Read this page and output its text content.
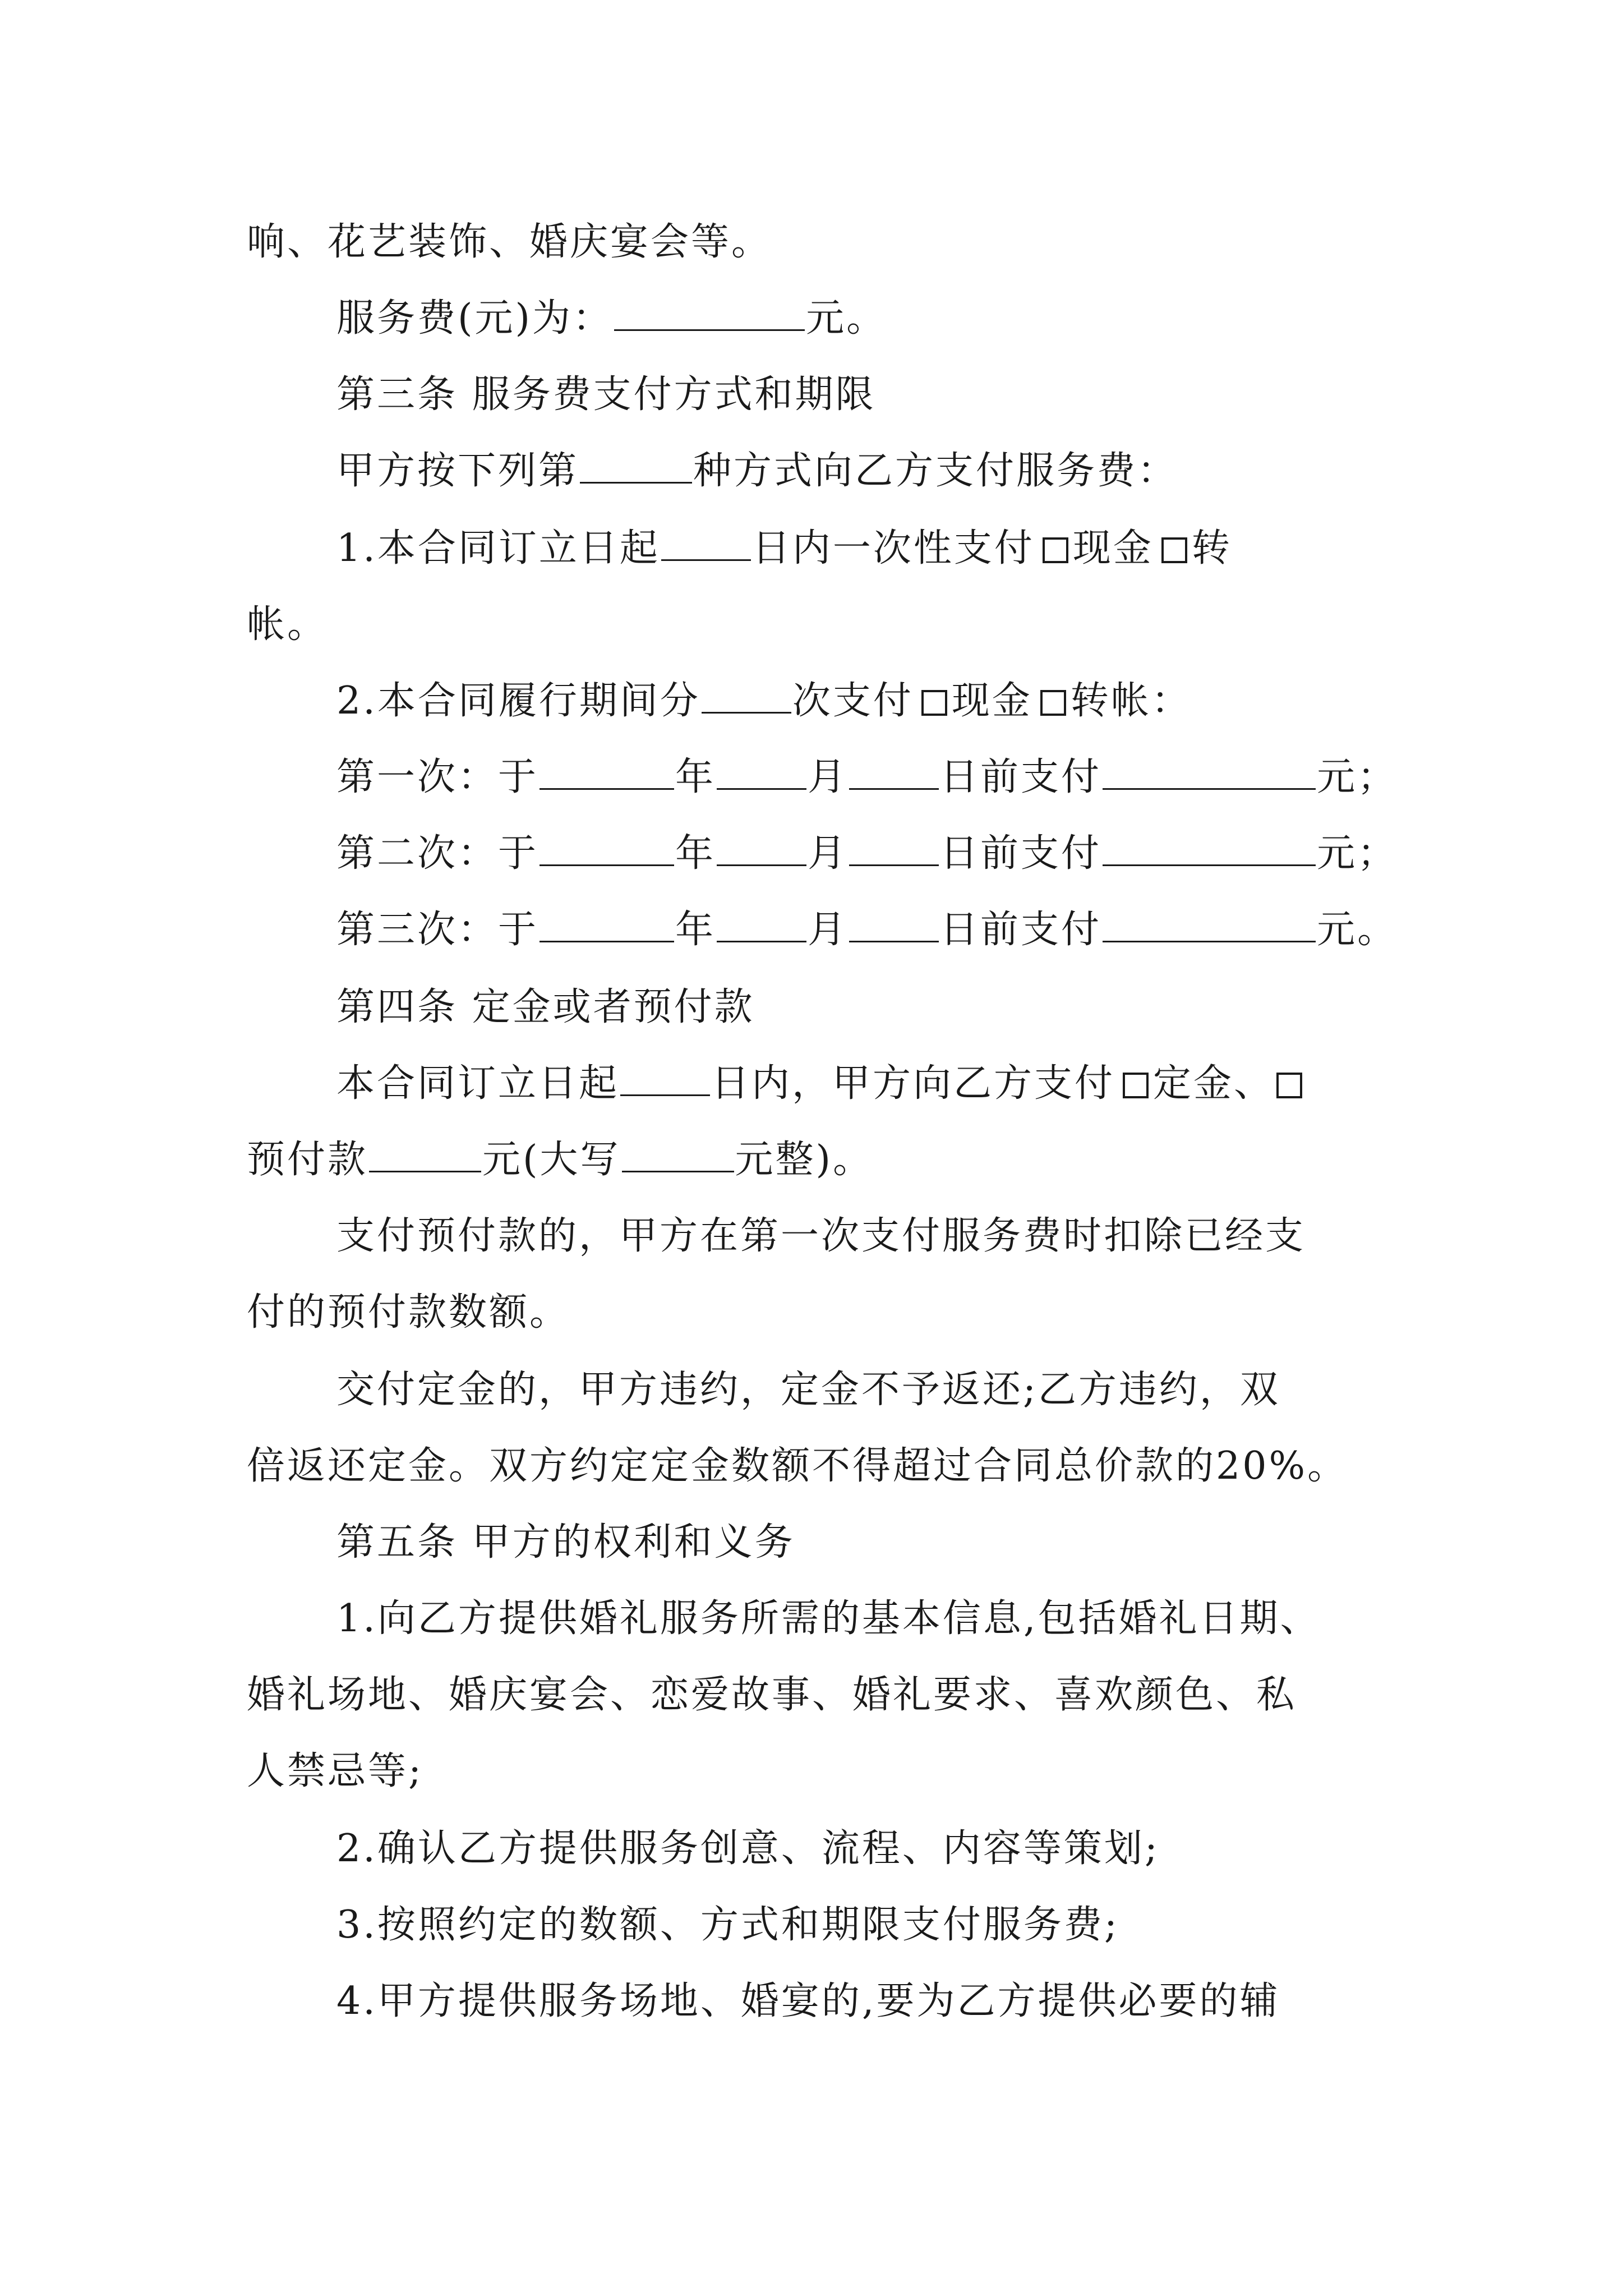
响、花艺装饰、婚庆宴会等。
服务费(元)为：	元。
第三条 服务费支付方式和期限
甲方按下列第	种方式向乙方支付服务费：
1.本合同订立日起 日内一次性支付 现金 转
帐。
2.本合同履行期间分 次支付 现金 转帐：
第一次：于	年 月 日前支付	元；
第二次：于	年 月 日前支付	元；
第三次：于	年 月 日前支付	元。
第四条 定金或者预付款
本合同订立日起 日内，甲方向乙方支付 定金、
预付款	元(大写	元整)。
支付预付款的，甲方在第一次支付服务费时扣除已经支
付的预付款数额。
交付定金的，甲方违约，定金不予返还;乙方违约，双
倍返还定金。双方约定定金数额不得超过合同总价款的20%。
第五条 甲方的权利和义务
1.向乙方提供婚礼服务所需的基本信息,包括婚礼日期、
婚礼场地、婚庆宴会、恋爱故事、婚礼要求、喜欢颜色、私
人禁忌等;
2.确认乙方提供服务创意、流程、内容等策划;
3.按照约定的数额、方式和期限支付服务费;
4.甲方提供服务场地、婚宴的,要为乙方提供必要的辅
